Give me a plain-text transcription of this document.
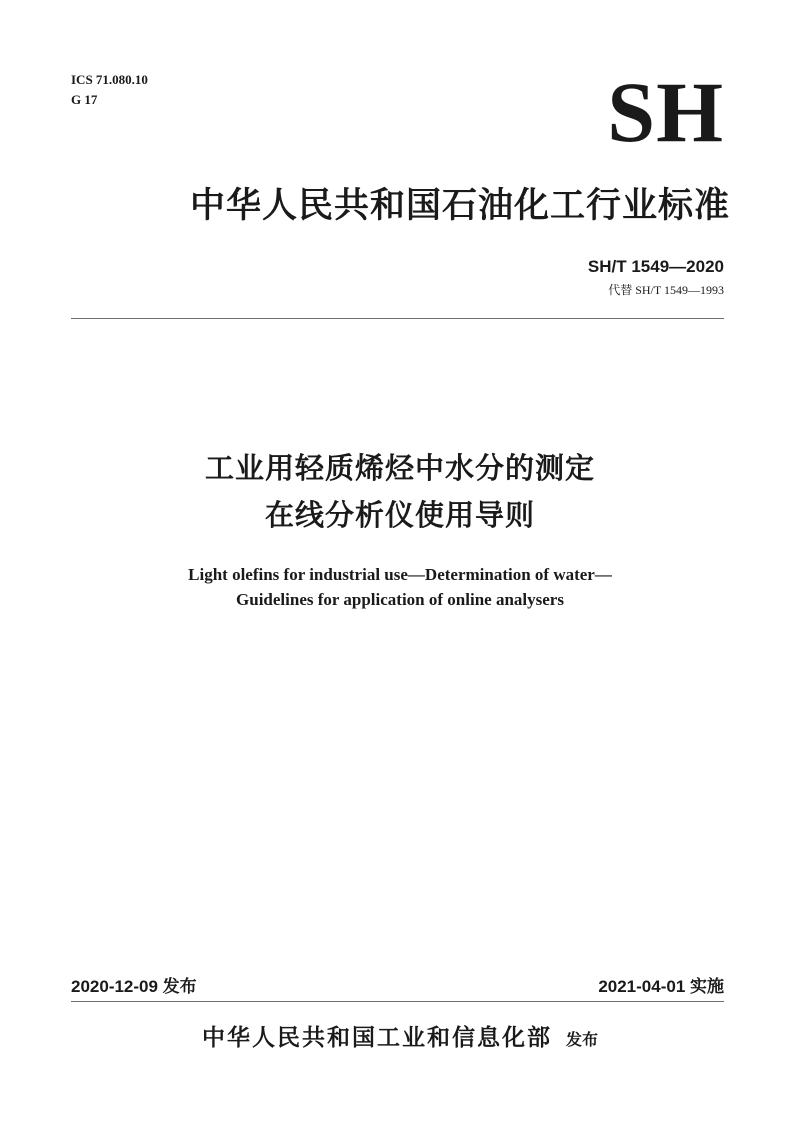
ICS 71.080.10
G 17	SH
中华人民共和国石油化工行业标准
SH/T 1549—2020
代替 SH/T 1549—1993
工业用轻质烯烃中水分的测定
在线分析仪使用导则
Light olefins for industrial use—Determination of water—
Guidelines for application of online analysers
2020-12-09 发布	2021-04-01 实施
中华人民共和国工业和信息化部 发布
